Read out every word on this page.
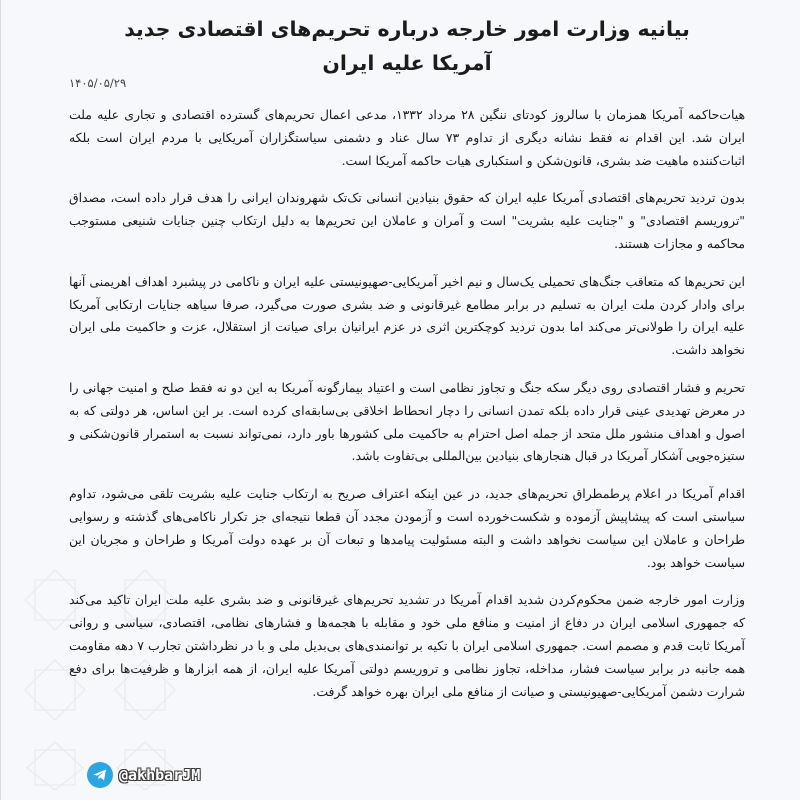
بیانیه وزارت امور خارجه درباره تحریم‌های اقتصادی جدید
آمریکا علیه ایران
۱۴۰۵/۰۵/۲۹

هیات‌حاکمه آمریکا همزمان با سالروز کودتای ننگین ۲۸ مرداد ۱۳۳۲، مدعی اعمال تحریم‌های گسترده اقتصادی و تجاری علیه ملت ایران شد. این اقدام نه فقط نشانه دیگری از تداوم ۷۳ سال عناد و دشمنی سیاستگزاران آمریکایی با مردم ایران است بلکه اثبات‌کننده ماهیت ضد بشری، قانون‌شکن و استکباری هیات حاکمه آمریکا است.

بدون تردید تحریم‌های اقتصادی آمریکا علیه ایران که حقوق بنیادین انسانی تک‌تک شهروندان ایرانی را هدف قرار داده است، مصداق "تروریسم اقتصادی" و "جنایت علیه بشریت" است و آمران و عاملان این تحریم‌ها به دلیل ارتکاب چنین جنایات شنیعی مستوجب محاکمه و مجازات هستند.

این تحریم‌ها که متعاقب جنگ‌های تحمیلی یک‌سال و نیم اخیر آمریکایی-صهیونیستی علیه ایران و ناکامی در پیشبرد اهداف اهریمنی آنها برای وادار کردن ملت ایران به تسلیم در برابر مطامع غیرقانونی و ضد بشری صورت می‌گیرد، صرفا سیاهه جنایات ارتکابی آمریکا علیه ایران را طولانی‌تر می‌کند اما بدون تردید کوچکترین اثری در عزم ایرانیان برای صیانت از استقلال، عزت و حاکمیت ملی ایران نخواهد داشت.

تحریم و فشار اقتصادی روی دیگر سکه جنگ و تجاوز نظامی است و اعتیاد بیمارگونه آمریکا به این دو نه فقط صلح و امنیت جهانی را در معرض تهدیدی عینی قرار داده بلکه تمدن انسانی را دچار انحطاط اخلاقی بی‌سابقه‌ای کرده است. بر این اساس، هر دولتی که به اصول و اهداف منشور ملل متحد از جمله اصل احترام به حاکمیت ملی کشورها باور دارد، نمی‌تواند نسبت به استمرار قانون‌شکنی و ستیزه‌جویی آشکار آمریکا در قبال هنجارهای بنیادین بین‌المللی بی‌تفاوت باشد.

اقدام آمریکا در اعلام پرطمطراق تحریم‌های جدید، در عین اینکه اعتراف صریح به ارتکاب جنایت علیه بشریت تلقی می‌شود، تداوم سیاستی است که پیشاپیش آزموده و شکست‌خورده است و آزمودن مجدد آن قطعا نتیجه‌ای جز تکرار ناکامی‌های گذشته و رسوایی طراحان و عاملان این سیاست نخواهد داشت و البته مسئولیت پیامدها و تبعات آن بر عهده دولت آمریکا و طراحان و مجریان این سیاست خواهد بود.

وزارت امور خارجه ضمن محکوم‌کردن شدید اقدام آمریکا در تشدید تحریم‌های غیرقانونی و ضد بشری علیه ملت ایران تاکید می‌کند که جمهوری اسلامی ایران در دفاع از امنیت و منافع ملی خود و مقابله با هجمه‌ها و فشارهای نظامی، اقتصادی، سیاسی و روانی آمریکا ثابت قدم و مصمم است. جمهوری اسلامی ایران با تکیه بر توانمندی‌های بی‌بدیل ملی و با در نظرداشتن تجارب ۷ دهه مقاومت همه جانبه در برابر سیاست فشار، مداخله، تجاوز نظامی و تروریسم دولتی آمریکا علیه ایران، از همه ابزارها و ظرفیت‌ها برای دفع شرارت دشمن آمریکایی-صهیونیستی و صیانت از منافع ملی ایران بهره خواهد گرفت.

@akhbarJM
